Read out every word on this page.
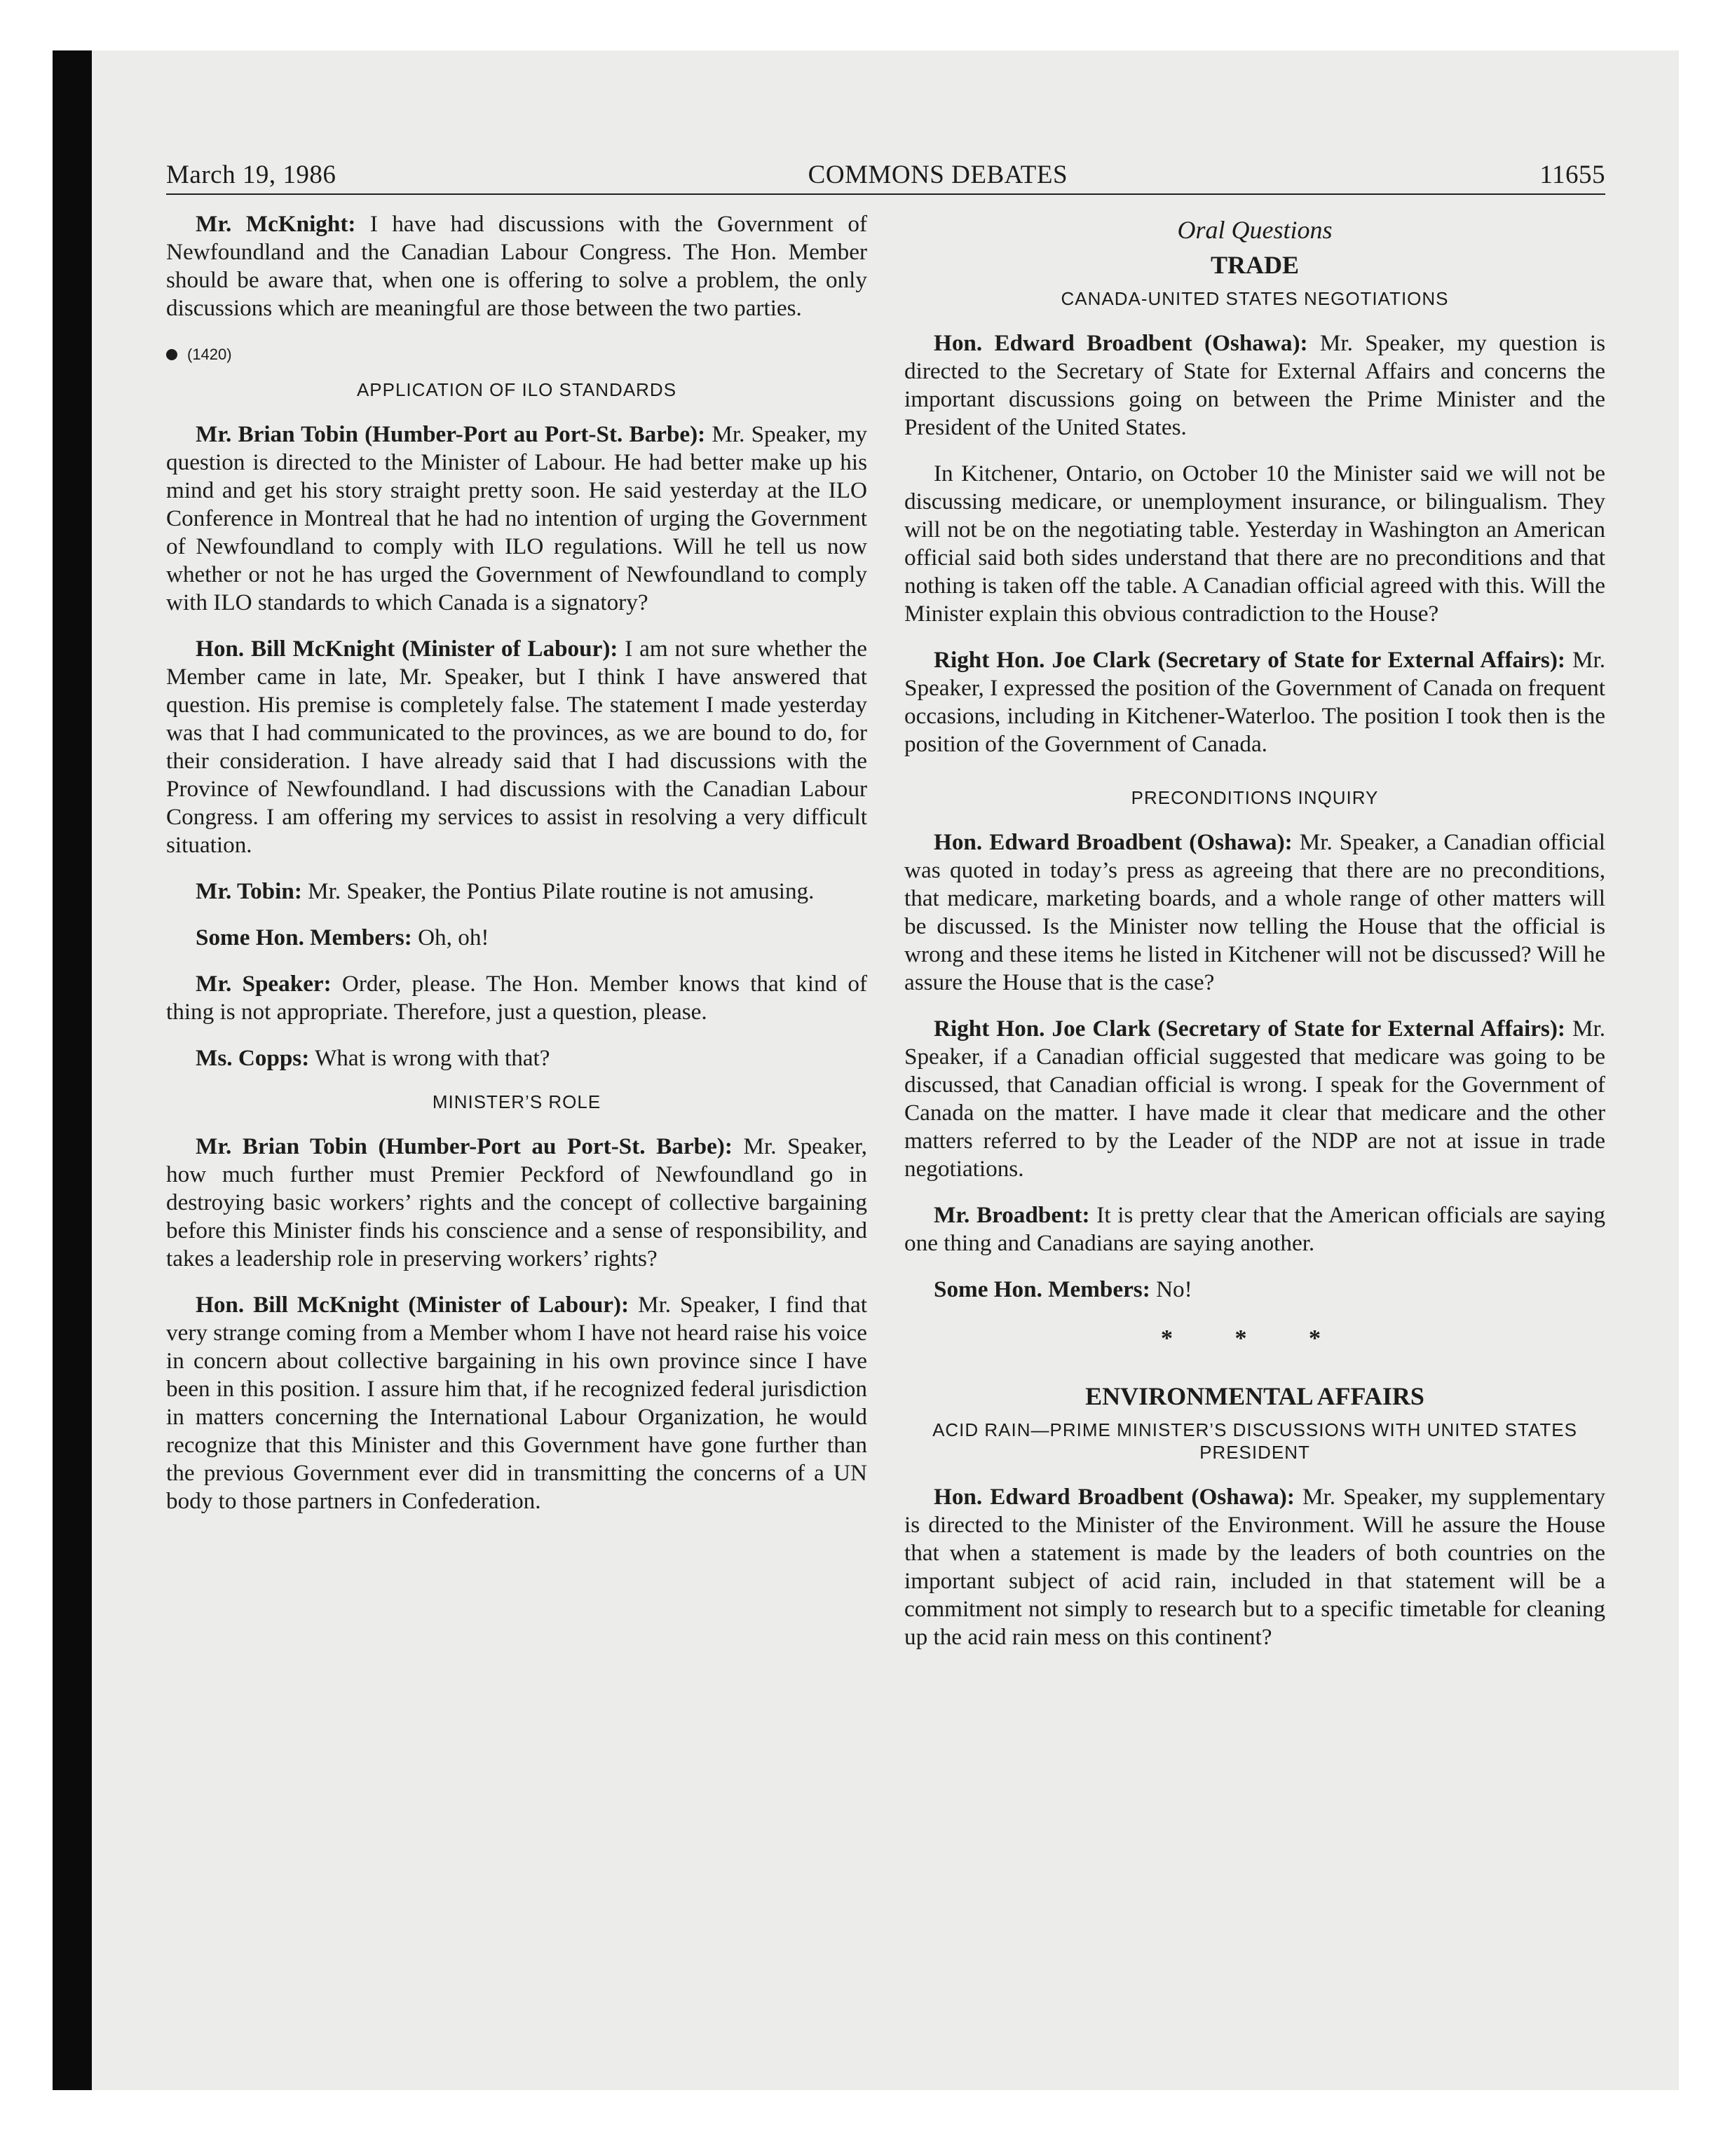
March 19, 1986	COMMONS DEBATES	11655

Mr. McKnight: I have had discussions with the Government of Newfoundland and the Canadian Labour Congress. The Hon. Member should be aware that, when one is offering to solve a problem, the only discussions which are meaningful are those between the two parties.

(1420)
APPLICATION OF ILO STANDARDS

Mr. Brian Tobin (Humber-Port au Port-St. Barbe): Mr. Speaker, my question is directed to the Minister of Labour. He had better make up his mind and get his story straight pretty soon. He said yesterday at the ILO Conference in Montreal that he had no intention of urging the Government of Newfoundland to comply with ILO regulations. Will he tell us now whether or not he has urged the Government of Newfoundland to comply with ILO standards to which Canada is a signatory?

Hon. Bill McKnight (Minister of Labour): I am not sure whether the Member came in late, Mr. Speaker, but I think I have answered that question. His premise is completely false. The statement I made yesterday was that I had communicated to the provinces, as we are bound to do, for their consideration. I have already said that I had discussions with the Province of Newfoundland. I had discussions with the Canadian Labour Congress. I am offering my services to assist in resolving a very difficult situation.

Mr. Tobin: Mr. Speaker, the Pontius Pilate routine is not amusing.

Some Hon. Members: Oh, oh!

Mr. Speaker: Order, please. The Hon. Member knows that kind of thing is not appropriate. Therefore, just a question, please.

Ms. Copps: What is wrong with that?

MINISTER’S ROLE

Mr. Brian Tobin (Humber-Port au Port-St. Barbe): Mr. Speaker, how much further must Premier Peckford of Newfoundland go in destroying basic workers’ rights and the concept of collective bargaining before this Minister finds his conscience and a sense of responsibility, and takes a leadership role in preserving workers’ rights?

Hon. Bill McKnight (Minister of Labour): Mr. Speaker, I find that very strange coming from a Member whom I have not heard raise his voice in concern about collective bargaining in his own province since I have been in this position. I assure him that, if he recognized federal jurisdiction in matters concerning the International Labour Organization, he would recognize that this Minister and this Government have gone further than the previous Government ever did in transmitting the concerns of a UN body to those partners in Confederation.

Oral Questions
TRADE
CANADA-UNITED STATES NEGOTIATIONS

Hon. Edward Broadbent (Oshawa): Mr. Speaker, my question is directed to the Secretary of State for External Affairs and concerns the important discussions going on between the Prime Minister and the President of the United States.

In Kitchener, Ontario, on October 10 the Minister said we will not be discussing medicare, or unemployment insurance, or bilingualism. They will not be on the negotiating table. Yesterday in Washington an American official said both sides understand that there are no preconditions and that nothing is taken off the table. A Canadian official agreed with this. Will the Minister explain this obvious contradiction to the House?

Right Hon. Joe Clark (Secretary of State for External Affairs): Mr. Speaker, I expressed the position of the Government of Canada on frequent occasions, including in Kitchener-Waterloo. The position I took then is the position of the Government of Canada.

PRECONDITIONS INQUIRY

Hon. Edward Broadbent (Oshawa): Mr. Speaker, a Canadian official was quoted in today’s press as agreeing that there are no preconditions, that medicare, marketing boards, and a whole range of other matters will be discussed. Is the Minister now telling the House that the official is wrong and these items he listed in Kitchener will not be discussed? Will he assure the House that is the case?

Right Hon. Joe Clark (Secretary of State for External Affairs): Mr. Speaker, if a Canadian official suggested that medicare was going to be discussed, that Canadian official is wrong. I speak for the Government of Canada on the matter. I have made it clear that medicare and the other matters referred to by the Leader of the NDP are not at issue in trade negotiations.

Mr. Broadbent: It is pretty clear that the American officials are saying one thing and Canadians are saying another.

Some Hon. Members: No!

* * *
ENVIRONMENTAL AFFAIRS
ACID RAIN—PRIME MINISTER’S DISCUSSIONS WITH UNITED STATES PRESIDENT

Hon. Edward Broadbent (Oshawa): Mr. Speaker, my supplementary is directed to the Minister of the Environment. Will he assure the House that when a statement is made by the leaders of both countries on the important subject of acid rain, included in that statement will be a commitment not simply to research but to a specific timetable for cleaning up the acid rain mess on this continent?
